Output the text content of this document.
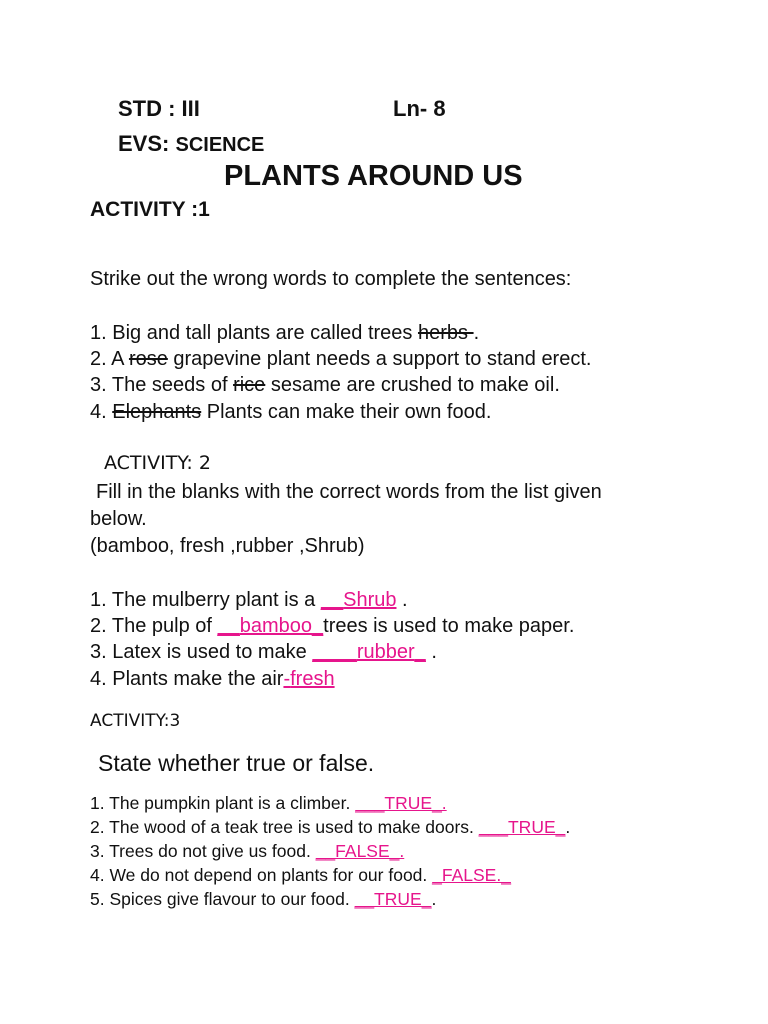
STD : III	Ln- 8
EVS: SCIENCE
PLANTS AROUND US
ACTIVITY :1
Strike out the wrong words to complete the sentences:
1. Big and tall plants are called trees herbs .
2. A rose grapevine plant needs a support to stand erect.
3. The seeds of rice sesame are crushed to make oil.
4. Elephants Plants can make their own food.
ACTIVITY: 2
Fill in the blanks with the correct words from the list given
below.
(bamboo, fresh ,rubber ,Shrub)
1. The mulberry plant is a __Shrub .
2. The pulp of __bamboo_trees is used to make paper.
3. Latex is used to make ____rubber_ .
4. Plants make the air-fresh
ACTIVITY:3
State whether true or false.
1. The pumpkin plant is a climber. ___TRUE_.
2. The wood of a teak tree is used to make doors. ___TRUE_.
3. Trees do not give us food. __FALSE_.
4. We do not depend on plants for our food. _FALSE._
5. Spices give flavour to our food. __TRUE_.
